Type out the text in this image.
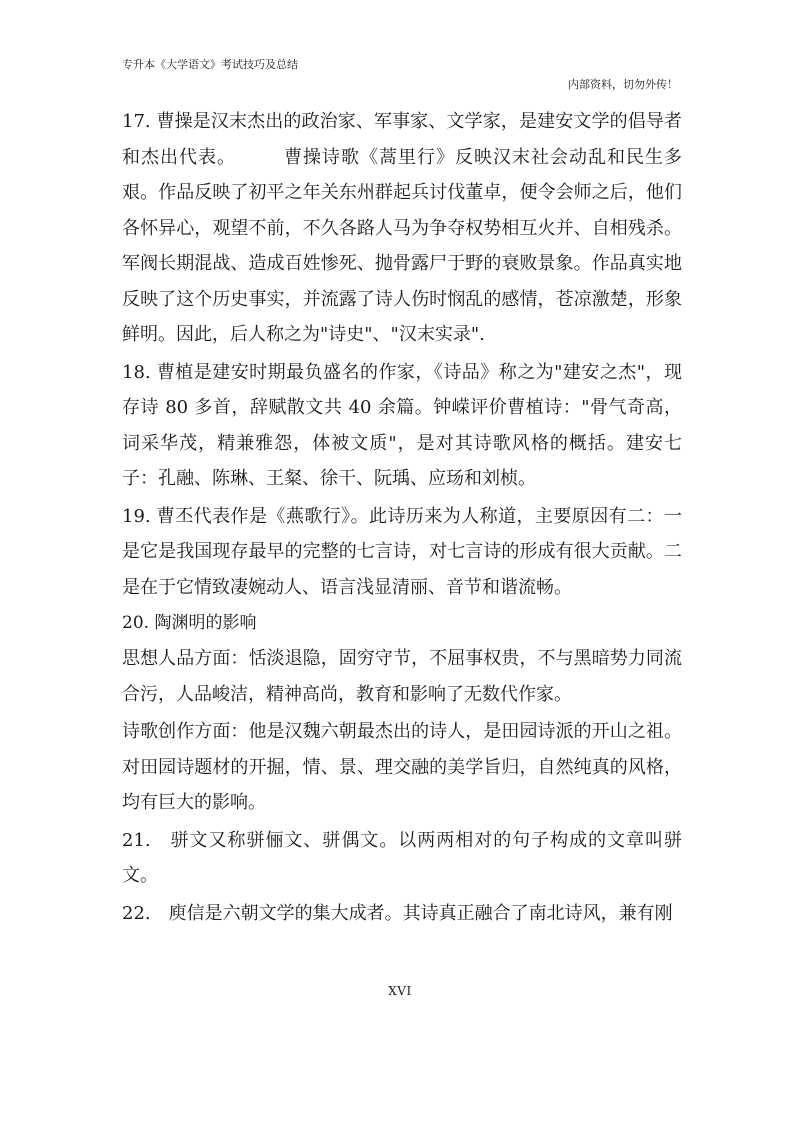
专升本《大学语文》考试技巧及总结
内部资料，切勿外传！

17. 曹操是汉末杰出的政治家、军事家、文学家，是建安文学的倡导者和杰出代表。　　　曹操诗歌《蒿里行》反映汉末社会动乱和民生多艰。作品反映了初平之年关东州群起兵讨伐董卓，便令会师之后，他们各怀异心，观望不前，不久各路人马为争夺权势相互火并、自相残杀。军阀长期混战、造成百姓惨死、抛骨露尸于野的衰败景象。作品真实地反映了这个历史事实，并流露了诗人伤时悯乱的感情，苍凉激楚，形象鲜明。因此，后人称之为"诗史"、"汉末实录".

18. 曹植是建安时期最负盛名的作家，《诗品》称之为"建安之杰"，现存诗 80 多首，辞赋散文共 40 余篇。钟嵘评价曹植诗："骨气奇高，词采华茂，精兼雅怨，体被文质"，是对其诗歌风格的概括。建安七子：孔融、陈琳、王粲、徐干、阮瑀、应玚和刘桢。

19. 曹丕代表作是《燕歌行》。此诗历来为人称道，主要原因有二：一是它是我国现存最早的完整的七言诗，对七言诗的形成有很大贡献。二是在于它情致凄婉动人、语言浅显清丽、音节和谐流畅。

20. 陶渊明的影响

思想人品方面：恬淡退隐，固穷守节，不屈事权贵，不与黑暗势力同流合污，人品峻洁，精神高尚，教育和影响了无数代作家。

诗歌创作方面：他是汉魏六朝最杰出的诗人，是田园诗派的开山之祖。对田园诗题材的开掘，情、景、理交融的美学旨归，自然纯真的风格，均有巨大的影响。

21.　骈文又称骈俪文、骈偶文。以两两相对的句子构成的文章叫骈文。

22.　庾信是六朝文学的集大成者。其诗真正融合了南北诗风，兼有刚

XVI
